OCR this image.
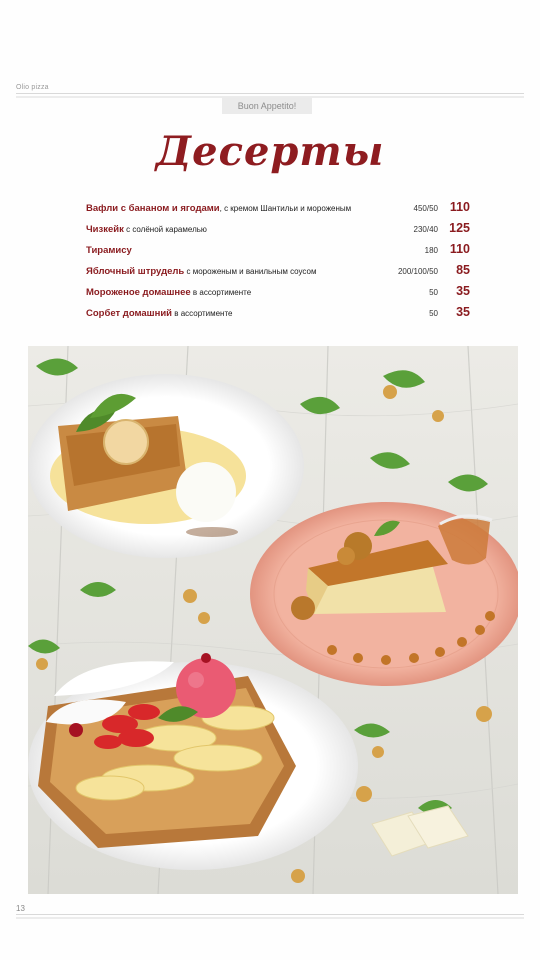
Olio pizza
Buon Appetito!
Десерты
Вафли с бананом и ягодами, с кремом Шантильи и мороженым	450/50 110
Чизкейк с солёной карамелью	230/40 125
Тирамису	180 110
Яблочный штрудель с мороженым и ванильным соусом	200/100/50	85
Мороженое домашнее в ассортименте	50	35
Сорбет домашний в ассортименте	50	35
13
